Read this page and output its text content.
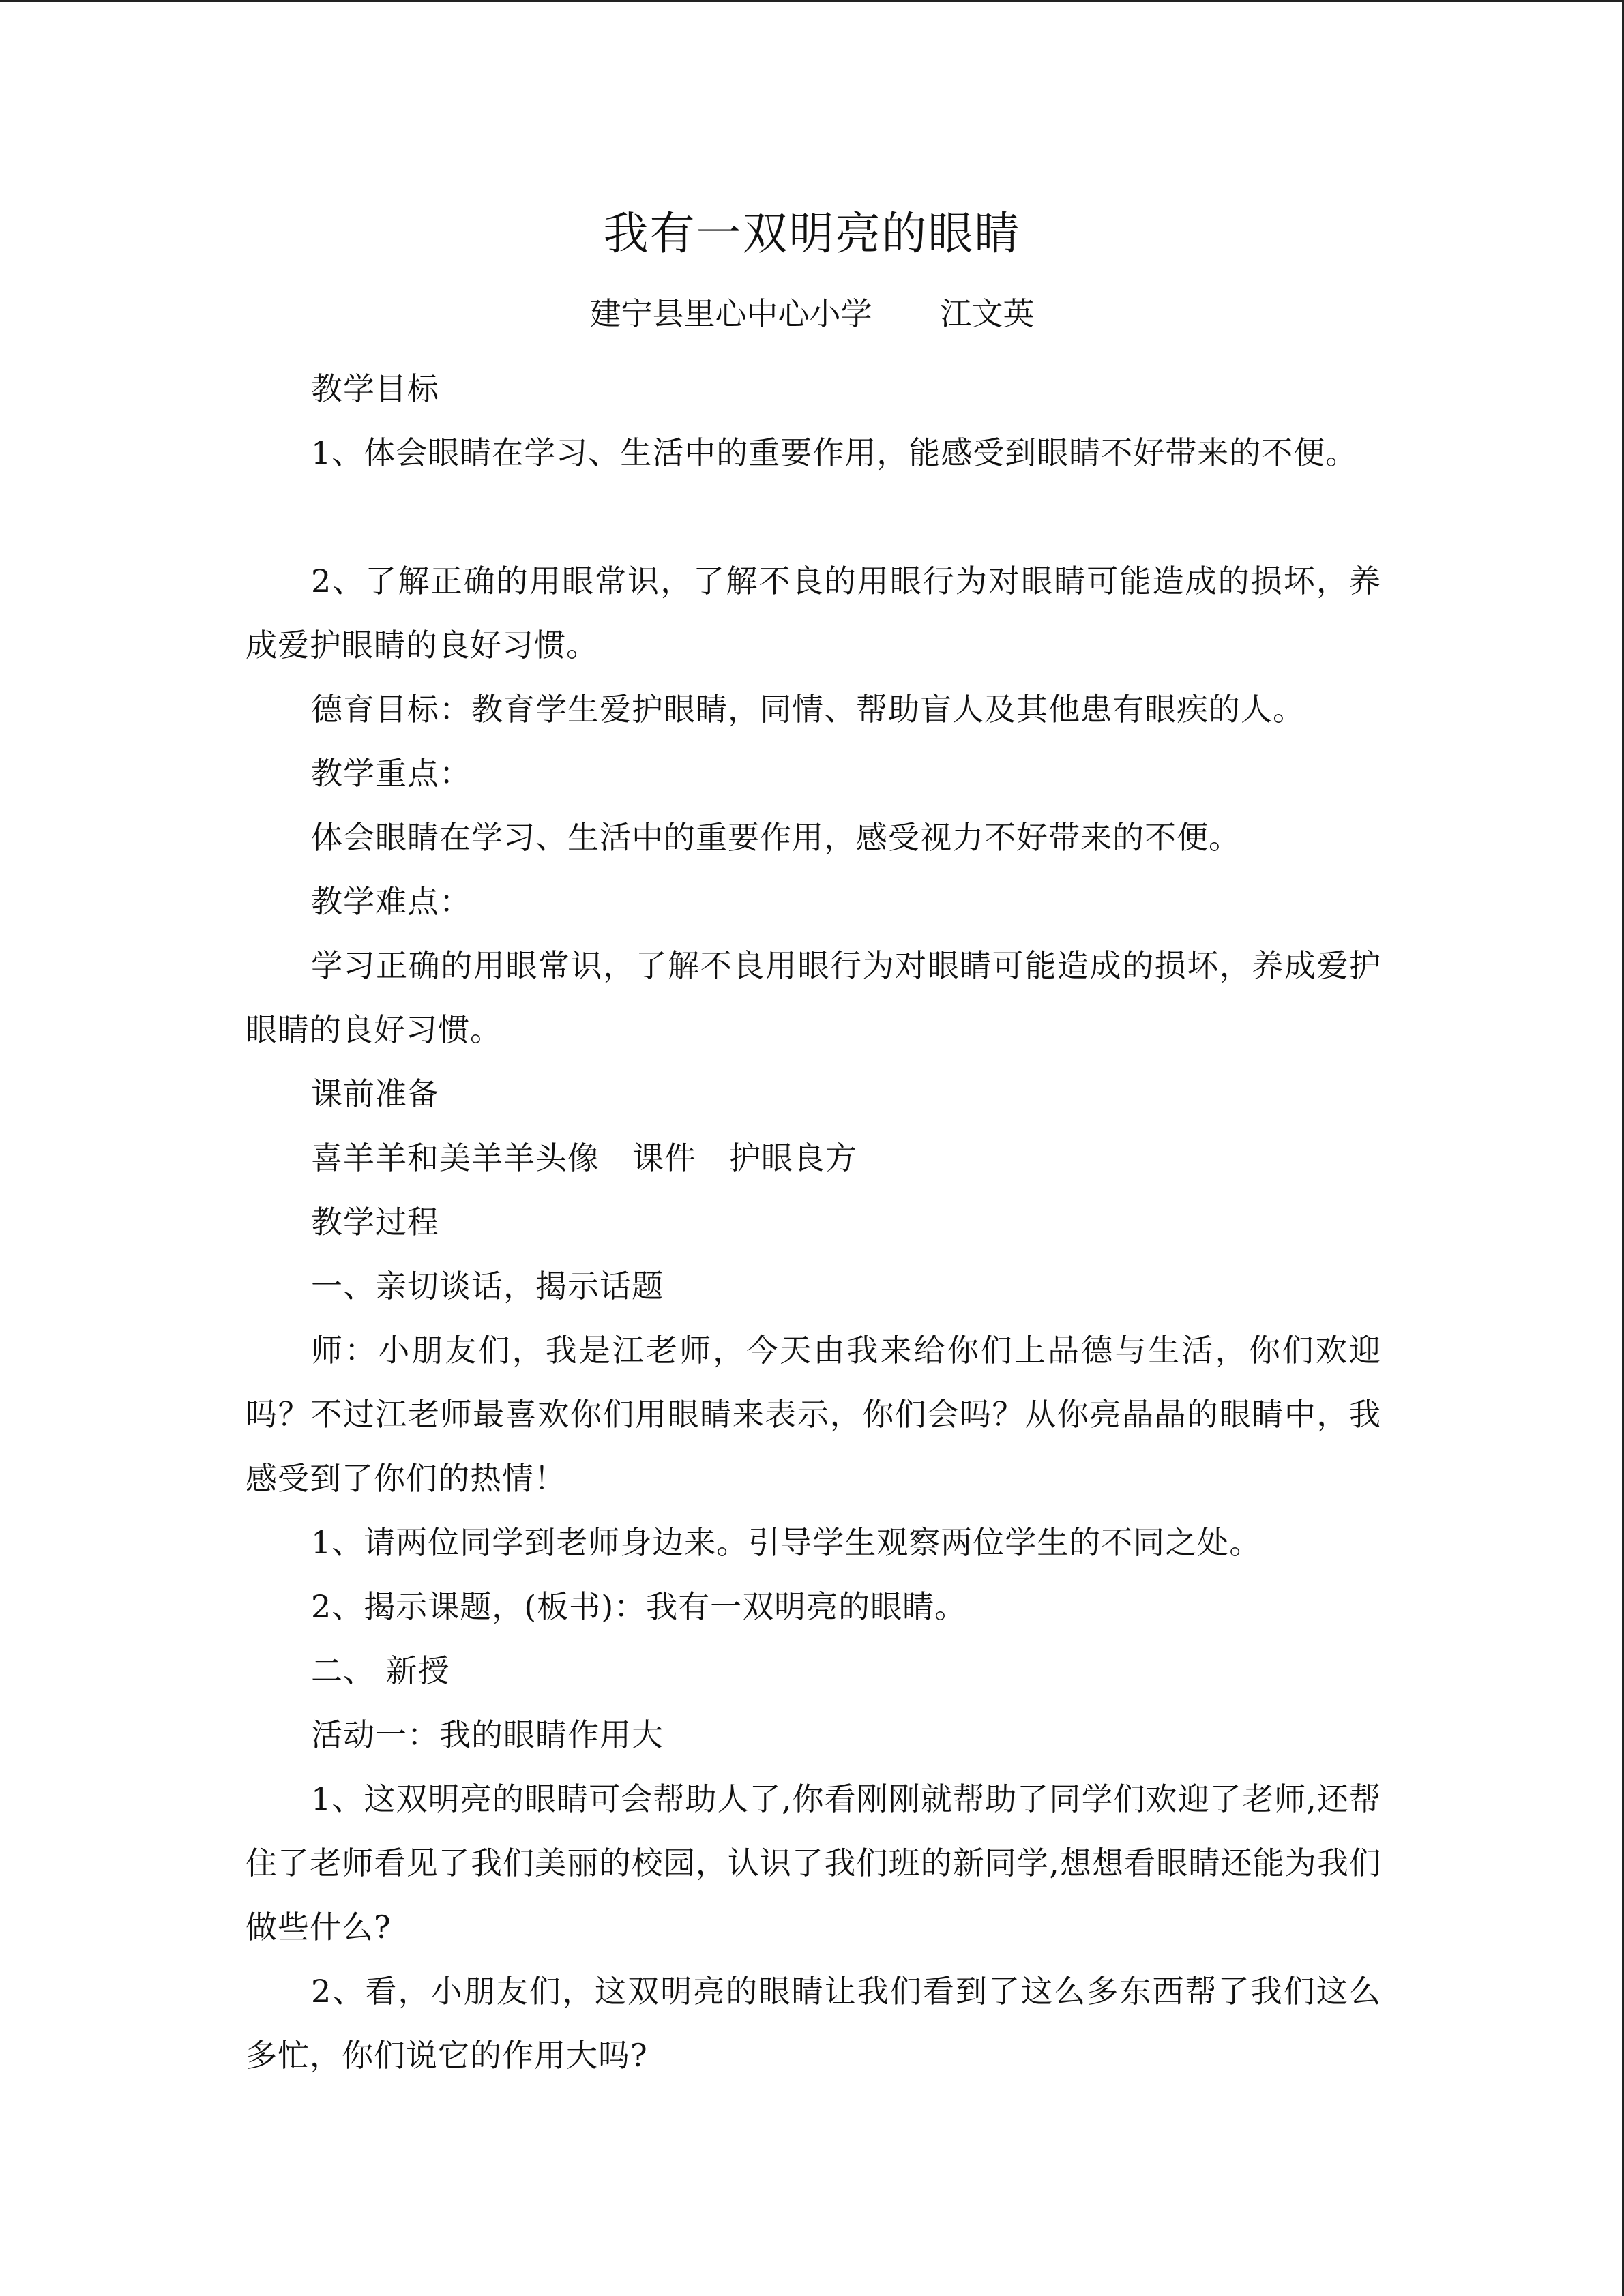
我有一双明亮的眼睛
建宁县里心中心小学 江文英

教学目标

1、体会眼睛在学习、生活中的重要作用，能感受到眼睛不好带来的不便。

2、了解正确的用眼常识，了解不良的用眼行为对眼睛可能造成的损坏，养成爱护眼睛的良好习惯。

德育目标：教育学生爱护眼睛，同情、帮助盲人及其他患有眼疾的人。

教学重点：

体会眼睛在学习、生活中的重要作用，感受视力不好带来的不便。

教学难点：

学习正确的用眼常识，了解不良用眼行为对眼睛可能造成的损坏，养成爱护眼睛的良好习惯。

课前准备

喜羊羊和美羊羊头像 课件 护眼良方

教学过程

一、亲切谈话，揭示话题

师：小朋友们，我是江老师，今天由我来给你们上品德与生活，你们欢迎吗？不过江老师最喜欢你们用眼睛来表示，你们会吗？从你亮晶晶的眼睛中，我感受到了你们的热情！

1、请两位同学到老师身边来。引导学生观察两位学生的不同之处。

2、揭示课题，(板书)：我有一双明亮的眼睛。

二、 新授

活动一：我的眼睛作用大

1、这双明亮的眼睛可会帮助人了,你看刚刚就帮助了同学们欢迎了老师,还帮住了老师看见了我们美丽的校园，认识了我们班的新同学,想想看眼睛还能为我们做些什么?

2、看，小朋友们，这双明亮的眼睛让我们看到了这么多东西帮了我们这么多忙，你们说它的作用大吗?
